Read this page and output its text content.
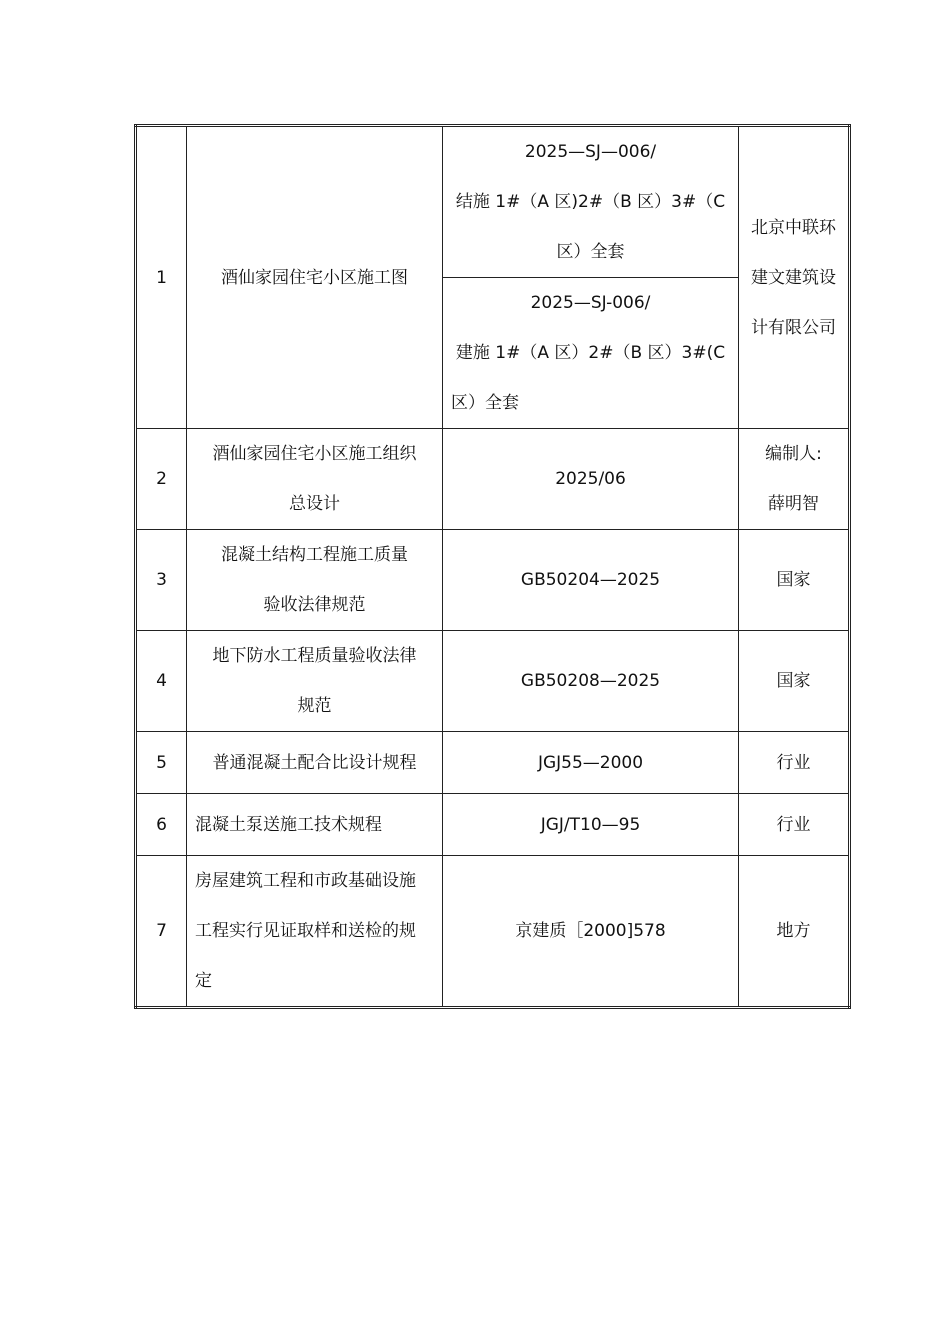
1	酒仙家园住宅小区施工图	2025—SJ—006/
结施 1#（A 区)2#（B 区）3#（C
区）全套	北京中联环
建文建筑设
计有限公司

		2025—SJ-006/
建施 1#（A 区）2#（B 区）3#(C
区）全套	

2	酒仙家园住宅小区施工组织
总设计	2025/06	编制人:
薛明智

3	混凝土结构工程施工质量
验收法律规范	GB50204—2025	国家
4	地下防水工程质量验收法律
规范	GB50208—2025	国家
5	普通混凝土配合比设计规程	JGJ55—2000	行业
6	混凝土泵送施工技术规程	JGJ/T10—95	行业
7	房屋建筑工程和市政基础设施
工程实行见证取样和送检的规
定	京建质［2000]578	地方
